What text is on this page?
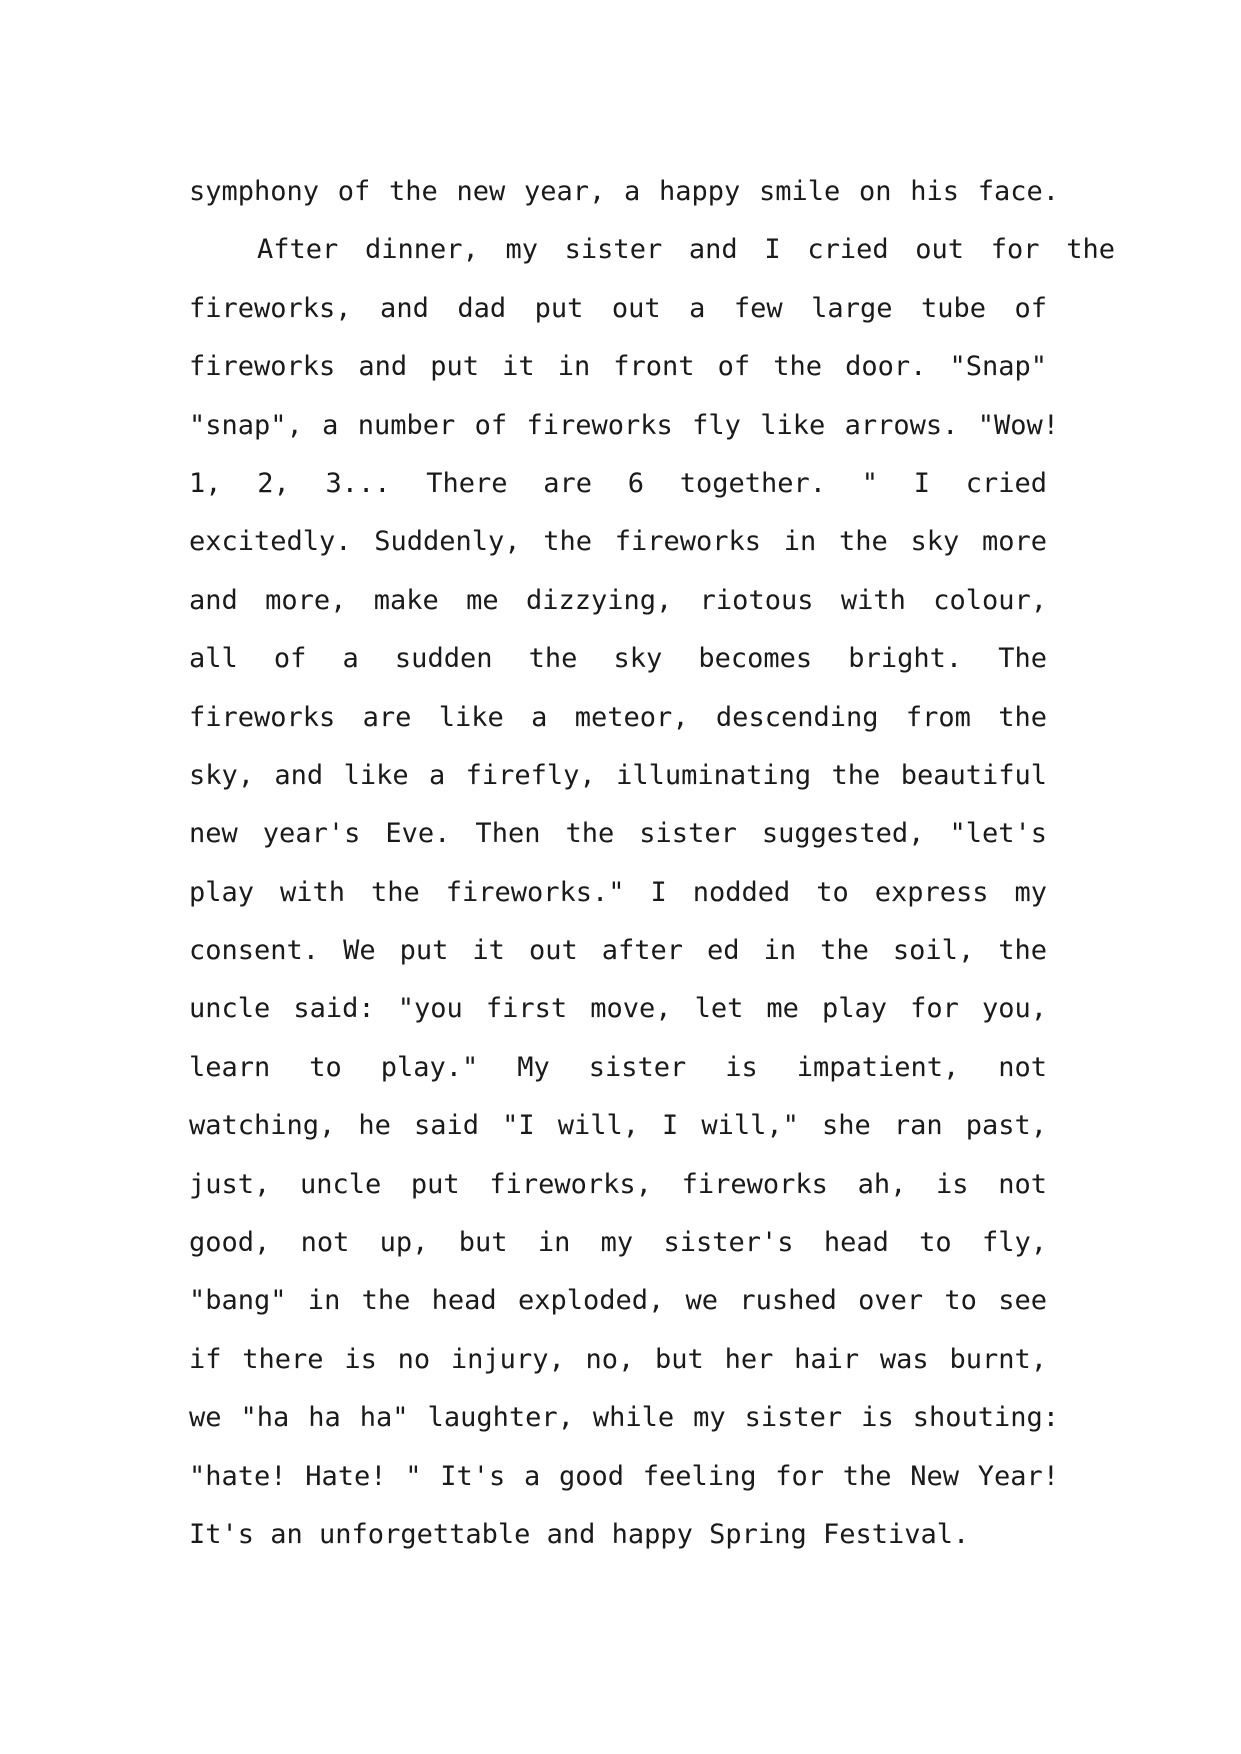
symphony of the new year, a happy smile on his face.
After dinner, my sister and I cried out for the
fireworks, and dad put out a few large tube of
fireworks and put it in front of the door. "Snap"
"snap", a number of fireworks fly like arrows. "Wow!
1, 2, 3... There are 6 together. " I cried
excitedly. Suddenly, the fireworks in the sky more
and more, make me dizzying, riotous with colour,
all of a sudden the sky becomes bright. The
fireworks are like a meteor, descending from the
sky, and like a firefly, illuminating the beautiful
new year's Eve. Then the sister suggested, "let's
play with the fireworks." I nodded to express my
consent. We put it out after ed in the soil, the
uncle said: "you first move, let me play for you,
learn to play." My sister is impatient, not
watching, he said "I will, I will," she ran past,
just, uncle put fireworks, fireworks ah, is not
good, not up, but in my sister's head to fly,
"bang" in the head exploded, we rushed over to see
if there is no injury, no, but her hair was burnt,
we "ha ha ha" laughter, while my sister is shouting:
"hate! Hate! " It's a good feeling for the New Year!
It's an unforgettable and happy Spring Festival.
